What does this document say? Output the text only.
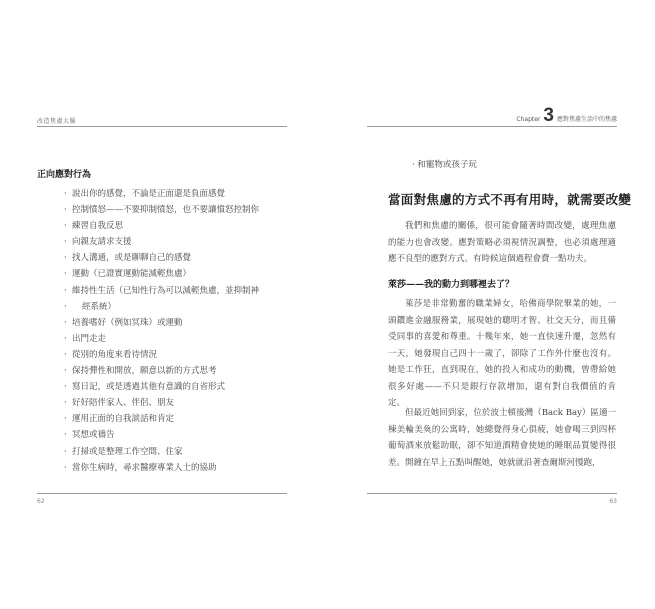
改造焦慮大腦
正向應對行為
· 說出你的感覺，不論是正面還是負面感覺
· 控制憤怒——不要抑制憤怒，也不要讓憤怒控制你
· 練習自我反思
· 向親友請求支援
· 找人溝通，或是聊聊自己的感覺
· 運動（已證實運動能減輕焦慮）
· 維持性生活（已知性行為可以減輕焦慮，並抑制神
· 經系統）
· 培養嗜好（例如冥珠）或運動
· 出門走走
· 從別的角度來看待情況
· 保持彈性和開放，願意以新的方式思考
· 寫日記，或是透過其他有意識的自省形式
· 好好陪伴家人、伴侶、朋友
· 運用正面的自我談話和肯定
· 冥想或禱告
· 打掃或是整理工作空間、住家
· 當你生病時，尋求醫療專業人士的協助
62
Chapter 3 應對焦慮生活中的焦慮
· 和寵物或孩子玩
當面對焦慮的方式不再有用時，就需要改變
我們和焦慮的關係，很可能會隨著時間改變，處理焦慮的能力也會改變。應對策略必須視情況調整，也必須處理適應不良型的應對方式。有時候這個過程會費一點功夫。
萊莎——我的動力到哪裡去了？
萊莎是非常勤奮的職業婦女，哈佛商學院畢業的她，一頭鑽進金融服務業，展現她的聰明才智、社交天分，而且備受同事的喜愛和尊重。十幾年來，她一直快速升遷，忽然有一天，她發現自己四十一歲了，卻除了工作外什麼也沒有。她是工作狂，直到現在，她的投入和成功的動機，曾帶給她很多好處——不只是銀行存款增加，還有對自我價值的肯定。
但最近她回到家，位於波士頓後灣（Back Bay）區適一棟美輪美奐的公寓時，她總覺得身心俱疲，她會喝三到四杯葡萄酒來放鬆助眠，卻不知道酒精會使她的睡眠品質變得很差。開鐘在早上五點叫醒她，她就就沿著查爾斯河慢跑，
63
